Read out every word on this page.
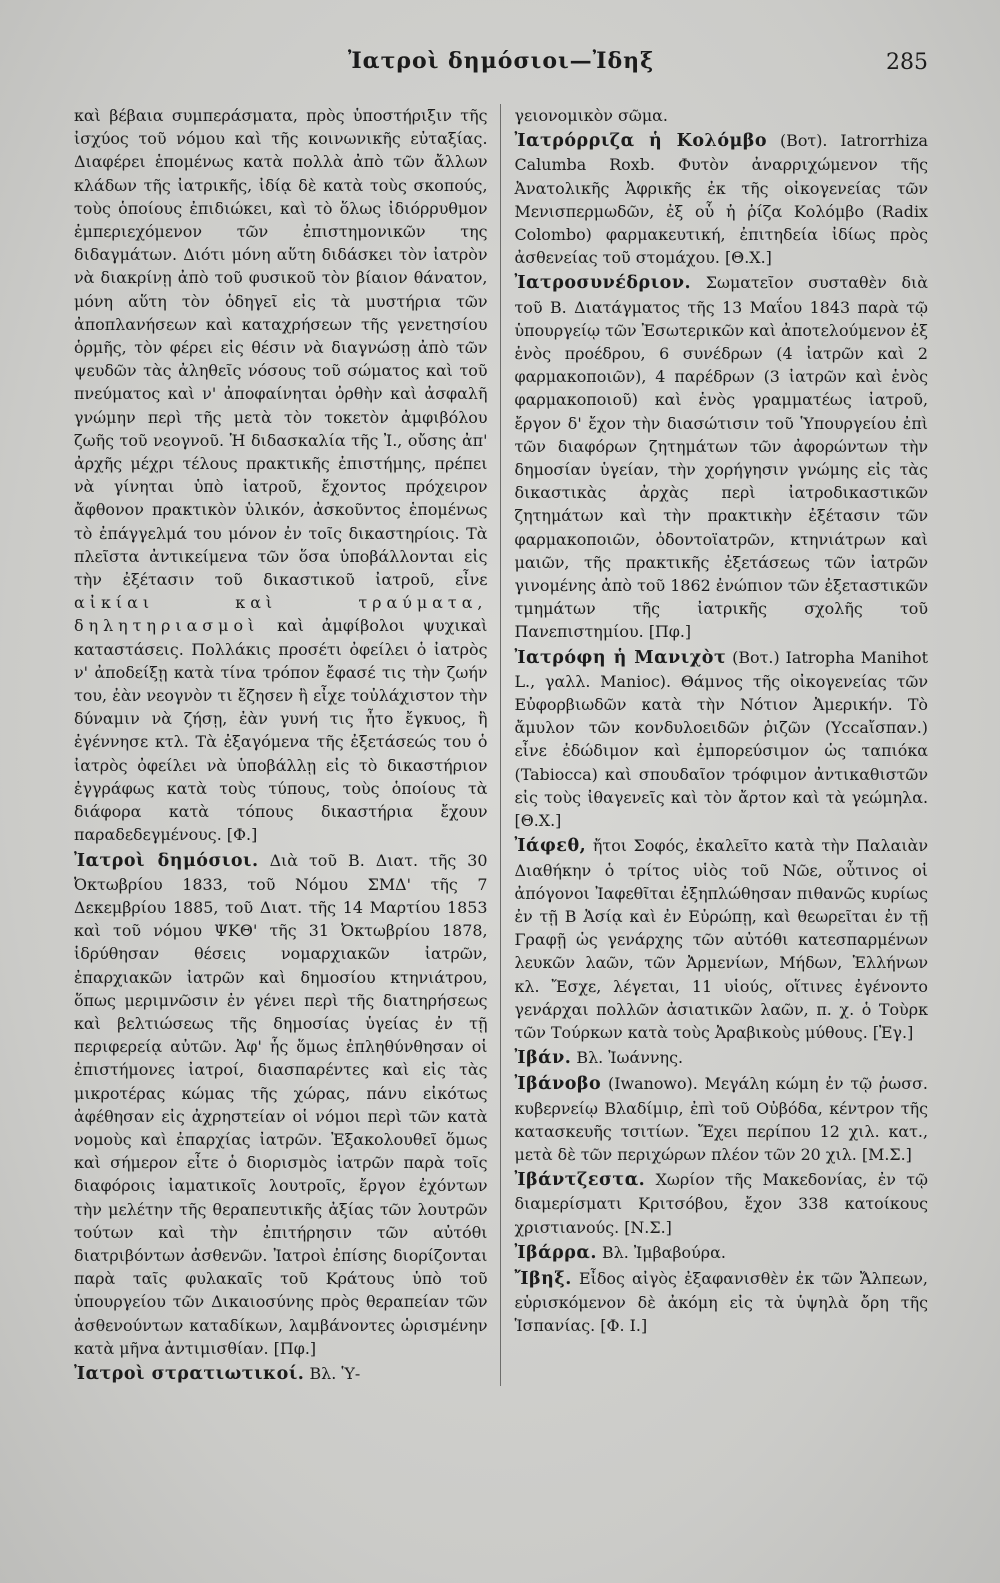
Ἰατροὶ δημόσιοι—Ἰδηξ	285

καὶ βέβαια συμπεράσματα, πρὸς ὑποστήριξιν τῆς ἰσχύος τοῦ νόμου καὶ τῆς κοινωνικῆς εὐταξίας. Διαφέρει ἑπομένως κατὰ πολλὰ ἀπὸ τῶν ἄλλων κλάδων τῆς ἰατρικῆς, ἰδίᾳ δὲ κατὰ τοὺς σκοπούς, τοὺς ὁποίους ἐπιδιώκει, καὶ τὸ ὅλως ἰδιόρρυθμον ἐμπεριεχόμενον τῶν ἐπιστημονικῶν της διδαγμάτων. Διότι μόνη αὕτη διδάσκει τὸν ἰατρὸν νὰ διακρίνῃ ἀπὸ τοῦ φυσικοῦ τὸν βίαιον θάνατον, μόνη αὕτη τὸν ὁδηγεῖ εἰς τὰ μυστήρια τῶν ἀποπλανήσεων καὶ καταχρήσεων τῆς γενετησίου ὁρμῆς, τὸν φέρει εἰς θέσιν νὰ διαγνώσῃ ἀπὸ τῶν ψευδῶν τὰς ἀληθεῖς νόσους τοῦ σώματος καὶ τοῦ πνεύματος καὶ ν' ἀποφαίνηται ὀρθὴν καὶ ἀσφαλῆ γνώμην περὶ τῆς μετὰ τὸν τοκετὸν ἀμφιβόλου ζωῆς τοῦ νεογνοῦ. Ἡ διδασκαλία τῆς Ἰ., οὔσης ἀπ' ἀρχῆς μέχρι τέλους πρακτικῆς ἐπιστήμης, πρέπει νὰ γίνηται ὑπὸ ἰατροῦ, ἔχοντος πρόχειρον ἄφθονον πρακτικὸν ὑλικόν, ἀσκοῦντος ἑπομένως τὸ ἐπάγγελμά του μόνον ἐν τοῖς δικαστηρίοις. Τὰ πλεῖστα ἀντικείμενα τῶν ὅσα ὑποβάλλονται εἰς τὴν ἐξέτασιν τοῦ δικαστικοῦ ἰατροῦ, εἶνε αἰκίαι καὶ τραύματα, δηλητηριασμοὶ καὶ ἀμφίβολοι ψυχικαὶ καταστάσεις. Πολλάκις προσέτι ὀφείλει ὁ ἰατρὸς ν' ἀποδείξῃ κατὰ τίνα τρόπον ἔφασέ τις τὴν ζωήν του, ἐὰν νεογνὸν τι ἔζησεν ἢ εἶχε τοὐλάχιστον τὴν δύναμιν νὰ ζήσῃ, ἐὰν γυνή τις ἦτο ἔγκυος, ἢ ἐγέννησε κτλ. Τὰ ἐξαγόμενα τῆς ἐξετάσεώς του ὁ ἰατρὸς ὀφείλει νὰ ὑποβάλλῃ εἰς τὸ δικαστήριον ἐγγράφως κατὰ τοὺς τύπους, τοὺς ὁποίους τὰ διάφορα κατὰ τόπους δικαστήρια ἔχουν παραδεδεγμένους. [Φ.]

Ἰατροὶ δημόσιοι. Διὰ τοῦ Β. Διατ. τῆς 30 Ὀκτωβρίου 1833, τοῦ Νόμου ΣΜΔ' τῆς 7 Δεκεμβρίου 1885, τοῦ Διατ. τῆς 14 Μαρτίου 1853 καὶ τοῦ νόμου ΨΚΘ' τῆς 31 Ὀκτωβρίου 1878, ἱδρύθησαν θέσεις νομαρχιακῶν ἰατρῶν, ἐπαρχιακῶν ἰατρῶν καὶ δημοσίου κτηνιάτρου, ὅπως μεριμνῶσιν ἐν γένει περὶ τῆς διατηρήσεως καὶ βελτιώσεως τῆς δημοσίας ὑγείας ἐν τῇ περιφερείᾳ αὐτῶν. Ἀφ' ἧς ὅμως ἐπληθύνθησαν οἱ ἐπιστήμονες ἰατροί, διασπαρέντες καὶ εἰς τὰς μικροτέρας κώμας τῆς χώρας, πάνυ εἰκότως ἀφέθησαν εἰς ἀχρηστείαν οἱ νόμοι περὶ τῶν κατὰ νομοὺς καὶ ἐπαρχίας ἰατρῶν. Ἐξακολουθεῖ ὅμως καὶ σήμερον εἶτε ὁ διορισμὸς ἰατρῶν παρὰ τοῖς διαφόροις ἰαματικοῖς λουτροῖς, ἔργον ἐχόντων τὴν μελέτην τῆς θεραπευτικῆς ἀξίας τῶν λουτρῶν τούτων καὶ τὴν ἐπιτήρησιν τῶν αὐτόθι διατριβόντων ἀσθενῶν. Ἰατροὶ ἐπίσης διορίζονται παρὰ ταῖς φυλακαῖς τοῦ Κράτους ὑπὸ τοῦ ὑπουργείου τῶν Δικαιοσύνης πρὸς θεραπείαν τῶν ἀσθενούντων καταδίκων, λαμβάνοντες ὡρισμένην κατὰ μῆνα ἀντιμισθίαν. [Πφ.]

Ἰατροὶ στρατιωτικοί. Βλ. Ὑ-

γειονομικὸν σῶμα.

Ἰατρόρριζα ἡ Κολόμβο (Βοτ). Iatrorrhiza Calumba Roxb. Φυτὸν ἀναρριχώμενον τῆς Ἀνατολικῆς Ἀφρικῆς ἐκ τῆς οἰκογενείας τῶν Μενισπερμωδῶν, ἐξ οὗ ἡ ῥίζα Κολόμβο (Radix Colombo) φαρμακευτική, ἐπιτηδεία ἰδίως πρὸς ἀσθενείας τοῦ στομάχου. [Θ.Χ.]

Ἰατροσυνέδριον. Σωματεῖον συσταθὲν διὰ τοῦ Β. Διατάγματος τῆς 13 Μαΐου 1843 παρὰ τῷ ὑπουργείῳ τῶν Ἐσωτερικῶν καὶ ἀποτελούμενον ἐξ ἑνὸς προέδρου, 6 συνέδρων (4 ἰατρῶν καὶ 2 φαρμακοποιῶν), 4 παρέδρων (3 ἰατρῶν καὶ ἑνὸς φαρμακοποιοῦ) καὶ ἑνὸς γραμματέως ἰατροῦ, ἔργον δ' ἔχον τὴν διασώτισιν τοῦ Ὑπουργείου ἐπὶ τῶν διαφόρων ζητημάτων τῶν ἀφορώντων τὴν δημοσίαν ὑγείαν, τὴν χορήγησιν γνώμης εἰς τὰς δικαστικὰς ἀρχὰς περὶ ἰατροδικαστικῶν ζητημάτων καὶ τὴν πρακτικὴν ἐξέτασιν τῶν φαρμακοποιῶν, ὀδοντοϊατρῶν, κτηνιάτρων καὶ μαιῶν, τῆς πρακτικῆς ἐξετάσεως τῶν ἰατρῶν γινομένης ἀπὸ τοῦ 1862 ἐνώπιον τῶν ἐξεταστικῶν τμημάτων τῆς ἰατρικῆς σχολῆς τοῦ Πανεπιστημίου. [Πφ.]

Ἰατρόφη ἡ Μανιχὸτ (Βοτ.) Iatropha Manihot L., γαλλ. Manioc). Θάμνος τῆς οἰκογενείας τῶν Εὐφορβιωδῶν κατὰ τὴν Νότιον Ἀμερικήν. Τὸ ἄμυλον τῶν κονδυλοειδῶν ῥιζῶν (Yccaἴσπαν.) εἶνε ἐδώδιμον καὶ ἐμπορεύσιμον ὡς ταπιόκα (Tabiocca) καὶ σπουδαῖον τρόφιμον ἀντικαθιστῶν εἰς τοὺς ἰθαγενεῖς καὶ τὸν ἄρτον καὶ τὰ γεώμηλα. [Θ.Χ.]

Ἰάφεθ, ἤτοι Σοφός, ἐκαλεῖτο κατὰ τὴν Παλαιὰν Διαθήκην ὁ τρίτος υἱὸς τοῦ Νῶε, οὗτινος οἱ ἀπόγονοι Ἰαφεθῖται ἐξηπλώθησαν πιθανῶς κυρίως ἐν τῇ Β Ἀσίᾳ καὶ ἐν Εὐρώπῃ, καὶ θεωρεῖται ἐν τῇ Γραφῇ ὡς γενάρχης τῶν αὐτόθι κατεσπαρμένων λευκῶν λαῶν, τῶν Ἀρμενίων, Μήδων, Ἑλλήνων κλ. Ἔσχε, λέγεται, 11 υἱούς, οἵτινες ἐγένοντο γενάρχαι πολλῶν ἀσιατικῶν λαῶν, π. χ. ὁ Τοὺρκ τῶν Τούρκων κατὰ τοὺς Ἀραβικοὺς μύθους. [Ἐγ.]

Ἰβάν. Βλ. Ἰωάννης.

Ἰβάνοβο (Iwanowo). Μεγάλη κώμη ἐν τῷ ῥωσσ. κυβερνείῳ Βλαδίμιρ, ἐπὶ τοῦ Οὐβόδα, κέντρον τῆς κατασκευῆς τσιτίων. Ἔχει περίπου 12 χιλ. κατ., μετὰ δὲ τῶν περιχώρων πλέον τῶν 20 χιλ. [Μ.Σ.]

Ἰβάντζεστα. Χωρίον τῆς Μακεδονίας, ἐν τῷ διαμερίσματι Κριτσόβου, ἔχον 338 κατοίκους χριστιανούς. [Ν.Σ.]

Ἰβάρρα. Βλ. Ἰμβαβούρα.

Ἴβηξ. Εἶδος αἰγὸς ἐξαφανισθὲν ἐκ τῶν Ἄλπεων, εὑρισκόμενον δὲ ἀκόμη εἰς τὰ ὑψηλὰ ὄρη τῆς Ἱσπανίας. [Φ. Ι.]
